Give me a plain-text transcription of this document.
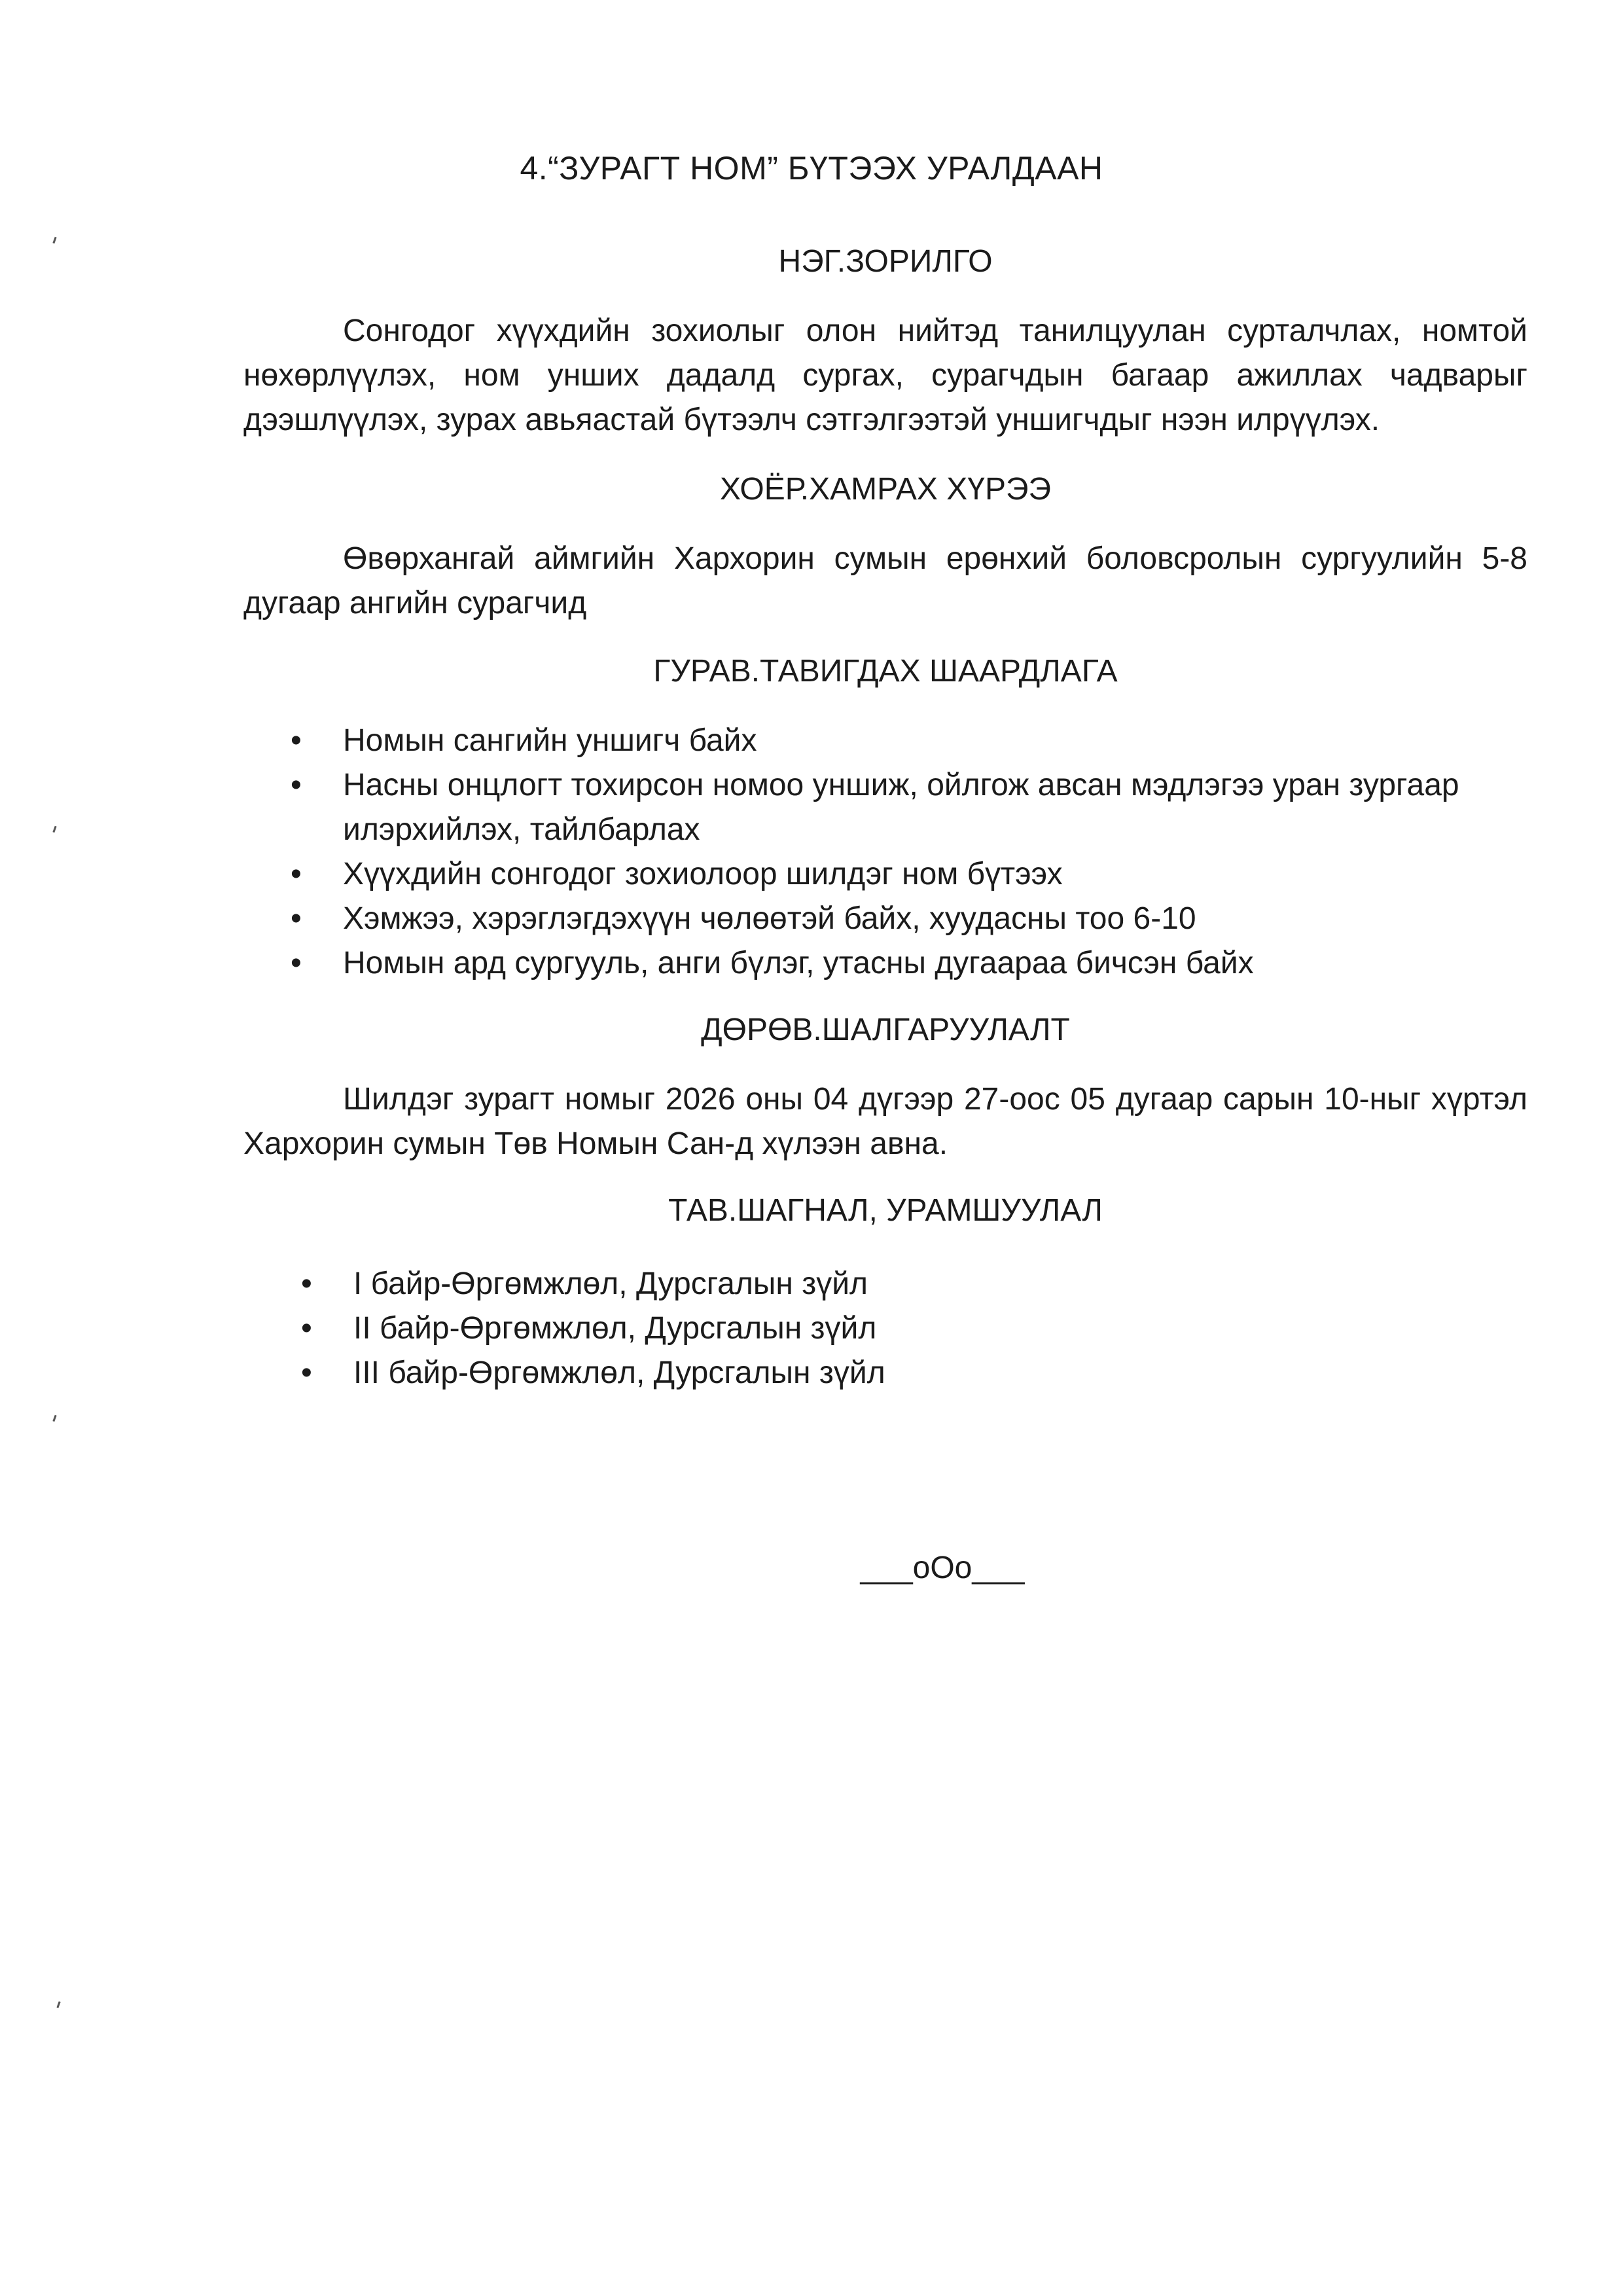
4.“ЗУРАГТ НОМ” БҮТЭЭХ УРАЛДААН
НЭГ.ЗОРИЛГО

Сонгодог хүүхдийн зохиолыг олон нийтэд танилцуулан сурталчлах, номтой нөхөрлүүлэх, ном унших дадалд сургах, сурагчдын багаар ажиллах чадварыг дээшлүүлэх, зурах авьяастай бүтээлч сэтгэлгээтэй уншигчдыг нээн илрүүлэх.

ХОЁР.ХАМРАХ ХҮРЭЭ

Өвөрхангай аймгийн Хархорин сумын ерөнхий боловсролын сургуулийн 5-8 дугаар ангийн сурагчид

ГУРАВ.ТАВИГДАХ ШААРДЛАГА
• Номын сангийн уншигч байх
• Насны онцлогт тохирсон номоо уншиж, ойлгож авсан мэдлэгээ уран зургаар илэрхийлэх, тайлбарлах
• Хүүхдийн сонгодог зохиолоор шилдэг ном бүтээх
• Хэмжээ, хэрэглэгдэхүүн чөлөөтэй байх, хуудасны тоо 6-10
• Номын ард сургууль, анги бүлэг, утасны дугаараа бичсэн байх
ДӨРӨВ.ШАЛГАРУУЛАЛТ

Шилдэг зурагт номыг 2026 оны 04 дүгээр 27-оос 05 дугаар сарын 10-ныг хүртэл Хархорин сумын Төв Номын Сан-д хүлээн авна.

ТАВ.ШАГНАЛ, УРАМШУУЛАЛ
• I байр-Өргөмжлөл, Дурсгалын зүйл
• II байр-Өргөмжлөл, Дурсгалын зүйл
• III байр-Өргөмжлөл, Дурсгалын зүйл

___оОо___
